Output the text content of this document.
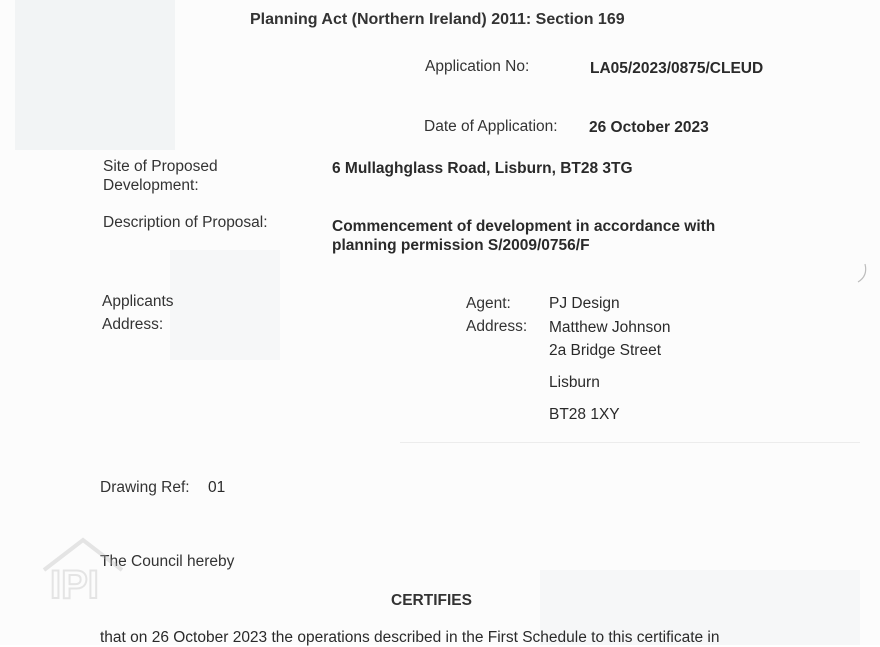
Planning Act (Northern Ireland) 2011: Section 169
Application No:	LA05/2023/0875/CLEUD
Date of Application: 26 October 2023
Site of Proposed
Development:
6 Mullaghglass Road, Lisburn, BT28 3TG
Description of Proposal:	Commencement of development in accordance with
planning permission S/2009/0756/F
Applicants
Address:
Agent: PJ Design
Address: Matthew Johnson
2a Bridge Street
Lisburn
BT28 1XY
Drawing Ref: 01
The Council hereby
CERTIFIES
that on 26 October 2023 the operations described in the First Schedule to this certificate in
IPI
